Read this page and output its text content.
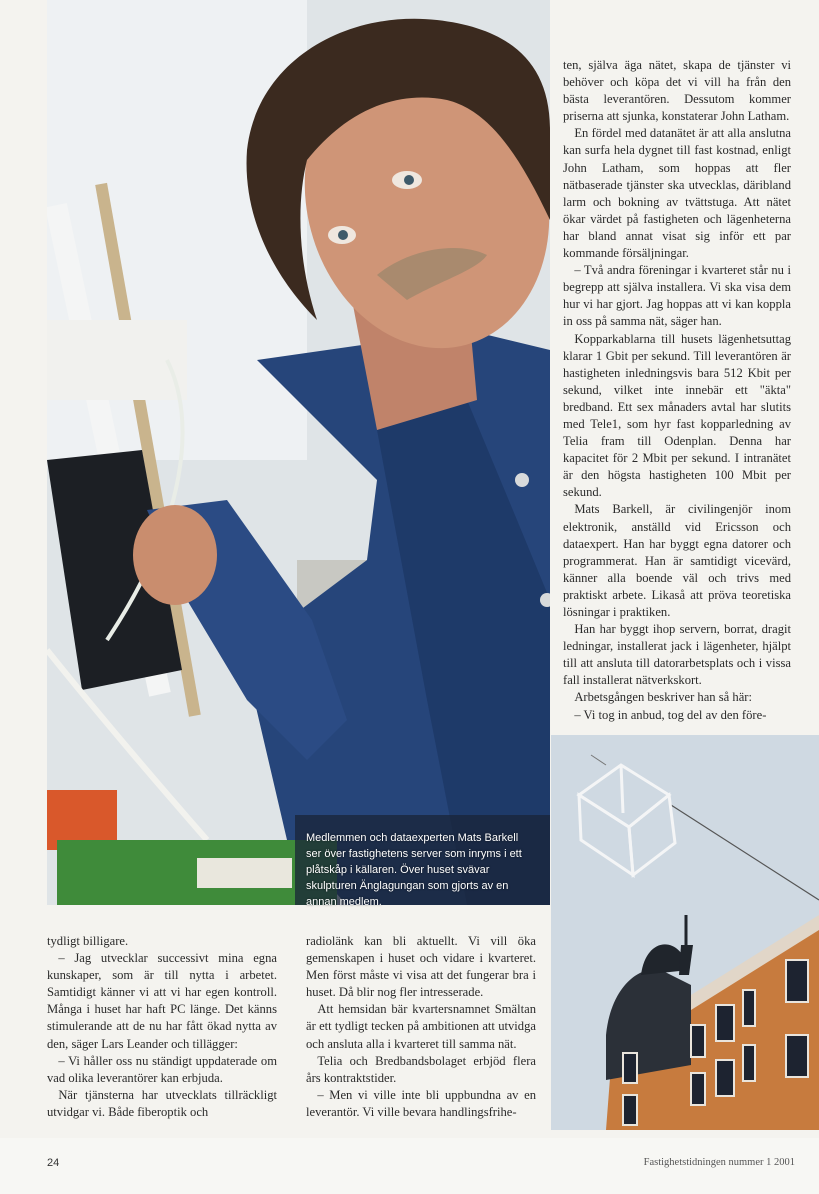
Medlemmen och dataexperten Mats Barkell ser över fastighetens server som inryms i ett plåtskåp i källaren. Över huset svävar skulpturen Änglagungan som gjorts av en annan medlem.

ten, själva äga nätet, skapa de tjänster vi behöver och köpa det vi vill ha från den bästa leverantören. Dessutom kommer priserna att sjunka, konstaterar John Latham.

En fördel med datanätet är att alla anslutna kan surfa hela dygnet till fast kostnad, enligt John Latham, som hoppas att fler nätbaserade tjänster ska utvecklas, däribland larm och bokning av tvättstuga. Att nätet ökar värdet på fastigheten och lägenheterna har bland annat visat sig inför ett par kommande försäljningar.

– Två andra föreningar i kvarteret står nu i begrepp att själva installera. Vi ska visa dem hur vi har gjort. Jag hoppas att vi kan koppla in oss på samma nät, säger han.

Kopparkablarna till husets lägenhetsuttag klarar 1 Gbit per sekund. Till leverantören är hastigheten inledningsvis bara 512 Kbit per sekund, vilket inte innebär ett "äkta" bredband. Ett sex månaders avtal har slutits med Tele1, som hyr fast kopparledning av Telia fram till Odenplan. Denna har kapacitet för 2 Mbit per sekund. I intranätet är den högsta hastigheten 100 Mbit per sekund.

Mats Barkell, är civilingenjör inom elektronik, anställd vid Ericsson och dataexpert. Han har byggt egna datorer och programmerat. Han är samtidigt vicevärd, känner alla boende väl och trivs med praktiskt arbete. Likaså att pröva teoretiska lösningar i praktiken.

Han har byggt ihop servern, borrat, dragit ledningar, installerat jack i lägenheter, hjälpt till att ansluta till datorarbetsplats och i vissa fall installerat nätverkskort.

Arbetsgången beskriver han så här:

– Vi tog in anbud, tog del av den före-

tydligt billigare.

– Jag utvecklar successivt mina egna kunskaper, som är till nytta i arbetet. Samtidigt känner vi att vi har egen kontroll. Många i huset har haft PC länge. Det känns stimulerande att de nu har fått ökad nytta av den, säger Lars Leander och tillägger:

– Vi håller oss nu ständigt uppdaterade om vad olika leverantörer kan erbjuda.

När tjänsterna har utvecklats tillräckligt utvidgar vi. Både fiberoptik och

radiolänk kan bli aktuellt. Vi vill öka gemenskapen i huset och vidare i kvarteret. Men först måste vi visa att det fungerar bra i huset. Då blir nog fler intresserade.

Att hemsidan bär kvartersnamnet Smältan är ett tydligt tecken på ambitionen att utvidga och ansluta alla i kvarteret till samma nät.

Telia och Bredbandsbolaget erbjöd flera års kontraktstider.

– Men vi ville inte bli uppbundna av en leverantör. Vi ville bevara handlingsfrihe-

24	Fastighetstidningen nummer 1 2001
